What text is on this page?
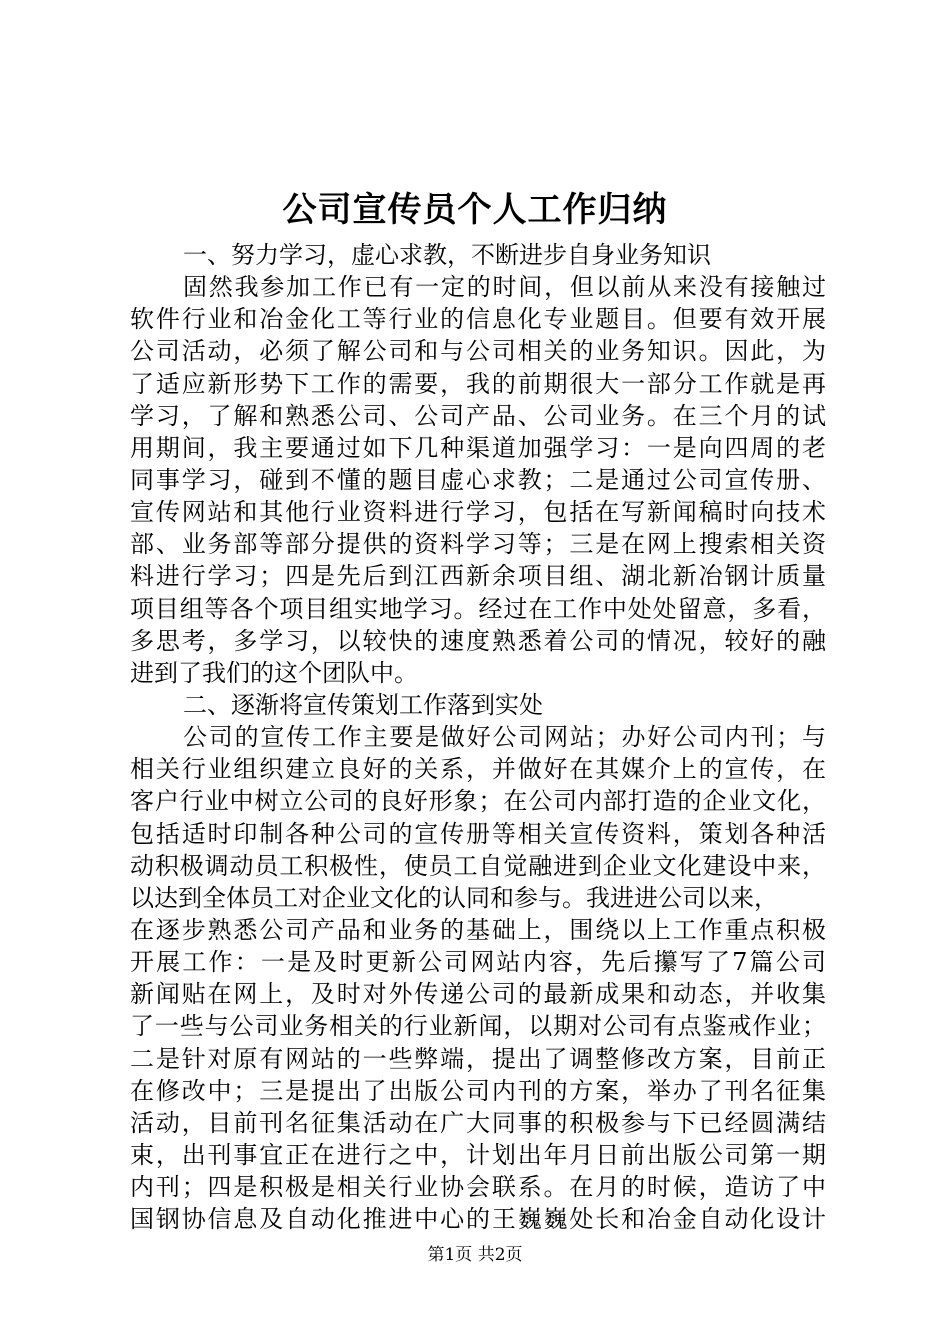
公司宣传员个人工作归纳
一、努力学习，虚心求教，不断进步自身业务知识
固然我参加工作已有一定的时间，但以前从来没有接触过
软件行业和冶金化工等行业的信息化专业题目。但要有效开展
公司活动，必须了解公司和与公司相关的业务知识。因此，为
了适应新形势下工作的需要，我的前期很大一部分工作就是再
学习，了解和熟悉公司、公司产品、公司业务。在三个月的试
用期间，我主要通过如下几种渠道加强学习：一是向四周的老
同事学习，碰到不懂的题目虚心求教；二是通过公司宣传册、
宣传网站和其他行业资料进行学习，包括在写新闻稿时向技术
部、业务部等部分提供的资料学习等；三是在网上搜索相关资
料进行学习；四是先后到江西新余项目组、湖北新冶钢计质量
项目组等各个项目组实地学习。经过在工作中处处留意，多看，
多思考，多学习，以较快的速度熟悉着公司的情况，较好的融
进到了我们的这个团队中。
二、逐渐将宣传策划工作落到实处
公司的宣传工作主要是做好公司网站；办好公司内刊；与
相关行业组织建立良好的关系，并做好在其媒介上的宣传，在
客户行业中树立公司的良好形象；在公司内部打造的企业文化，
包括适时印制各种公司的宣传册等相关宣传资料，策划各种活
动积极调动员工积极性，使员工自觉融进到企业文化建设中来，
以达到全体员工对企业文化的认同和参与。我进进公司以来，
在逐步熟悉公司产品和业务的基础上，围绕以上工作重点积极
开展工作：一是及时更新公司网站内容，先后攥写了7篇公司
新闻贴在网上，及时对外传递公司的最新成果和动态，并收集
了一些与公司业务相关的行业新闻，以期对公司有点鉴戒作业；
二是针对原有网站的一些弊端，提出了调整修改方案，目前正
在修改中；三是提出了出版公司内刊的方案，举办了刊名征集
活动，目前刊名征集活动在广大同事的积极参与下已经圆满结
束，出刊事宜正在进行之中，计划出年月日前出版公司第一期
内刊；四是积极是相关行业协会联系。在月的时候，造访了中
国钢协信息及自动化推进中心的王巍巍处长和冶金自动化设计
第1页 共2页
